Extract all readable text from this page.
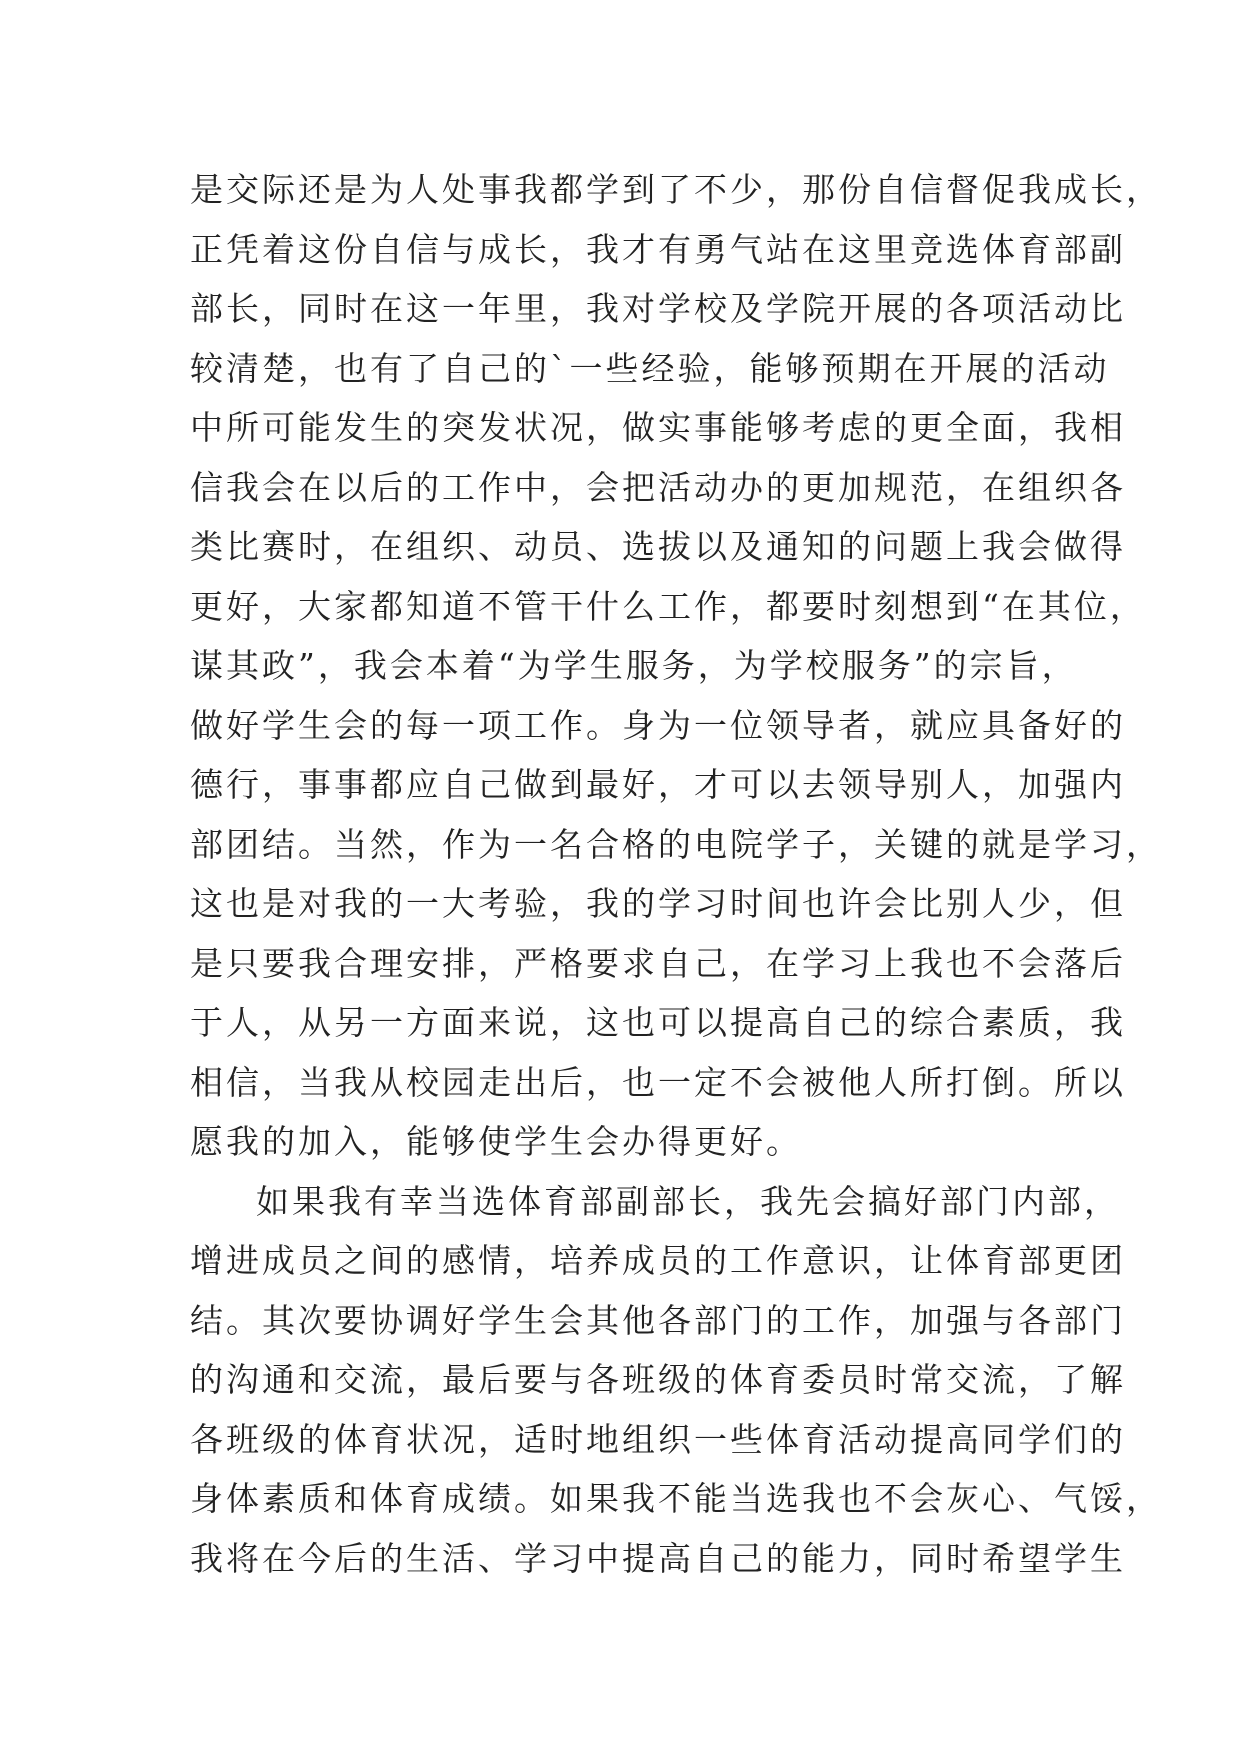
是交际还是为人处事我都学到了不少，那份自信督促我成长，
正凭着这份自信与成长，我才有勇气站在这里竞选体育部副
部长，同时在这一年里，我对学校及学院开展的各项活动比
较清楚，也有了自己的`一些经验，能够预期在开展的活动
中所可能发生的突发状况，做实事能够考虑的更全面，我相
信我会在以后的工作中，会把活动办的更加规范，在组织各
类比赛时，在组织、动员、选拔以及通知的问题上我会做得
更好，大家都知道不管干什么工作，都要时刻想到“在其位，
谋其政”，我会本着“为学生服务，为学校服务”的宗旨，
做好学生会的每一项工作。身为一位领导者，就应具备好的
德行，事事都应自己做到最好，才可以去领导别人，加强内
部团结。当然，作为一名合格的电院学子，关键的就是学习，
这也是对我的一大考验，我的学习时间也许会比别人少，但
是只要我合理安排，严格要求自己，在学习上我也不会落后
于人，从另一方面来说，这也可以提高自己的综合素质，我
相信，当我从校园走出后，也一定不会被他人所打倒。所以
愿我的加入，能够使学生会办得更好。
如果我有幸当选体育部副部长，我先会搞好部门内部，
增进成员之间的感情，培养成员的工作意识，让体育部更团
结。其次要协调好学生会其他各部门的工作，加强与各部门
的沟通和交流，最后要与各班级的体育委员时常交流，了解
各班级的体育状况，适时地组织一些体育活动提高同学们的
身体素质和体育成绩。如果我不能当选我也不会灰心、气馁，
我将在今后的生活、学习中提高自己的能力，同时希望学生
